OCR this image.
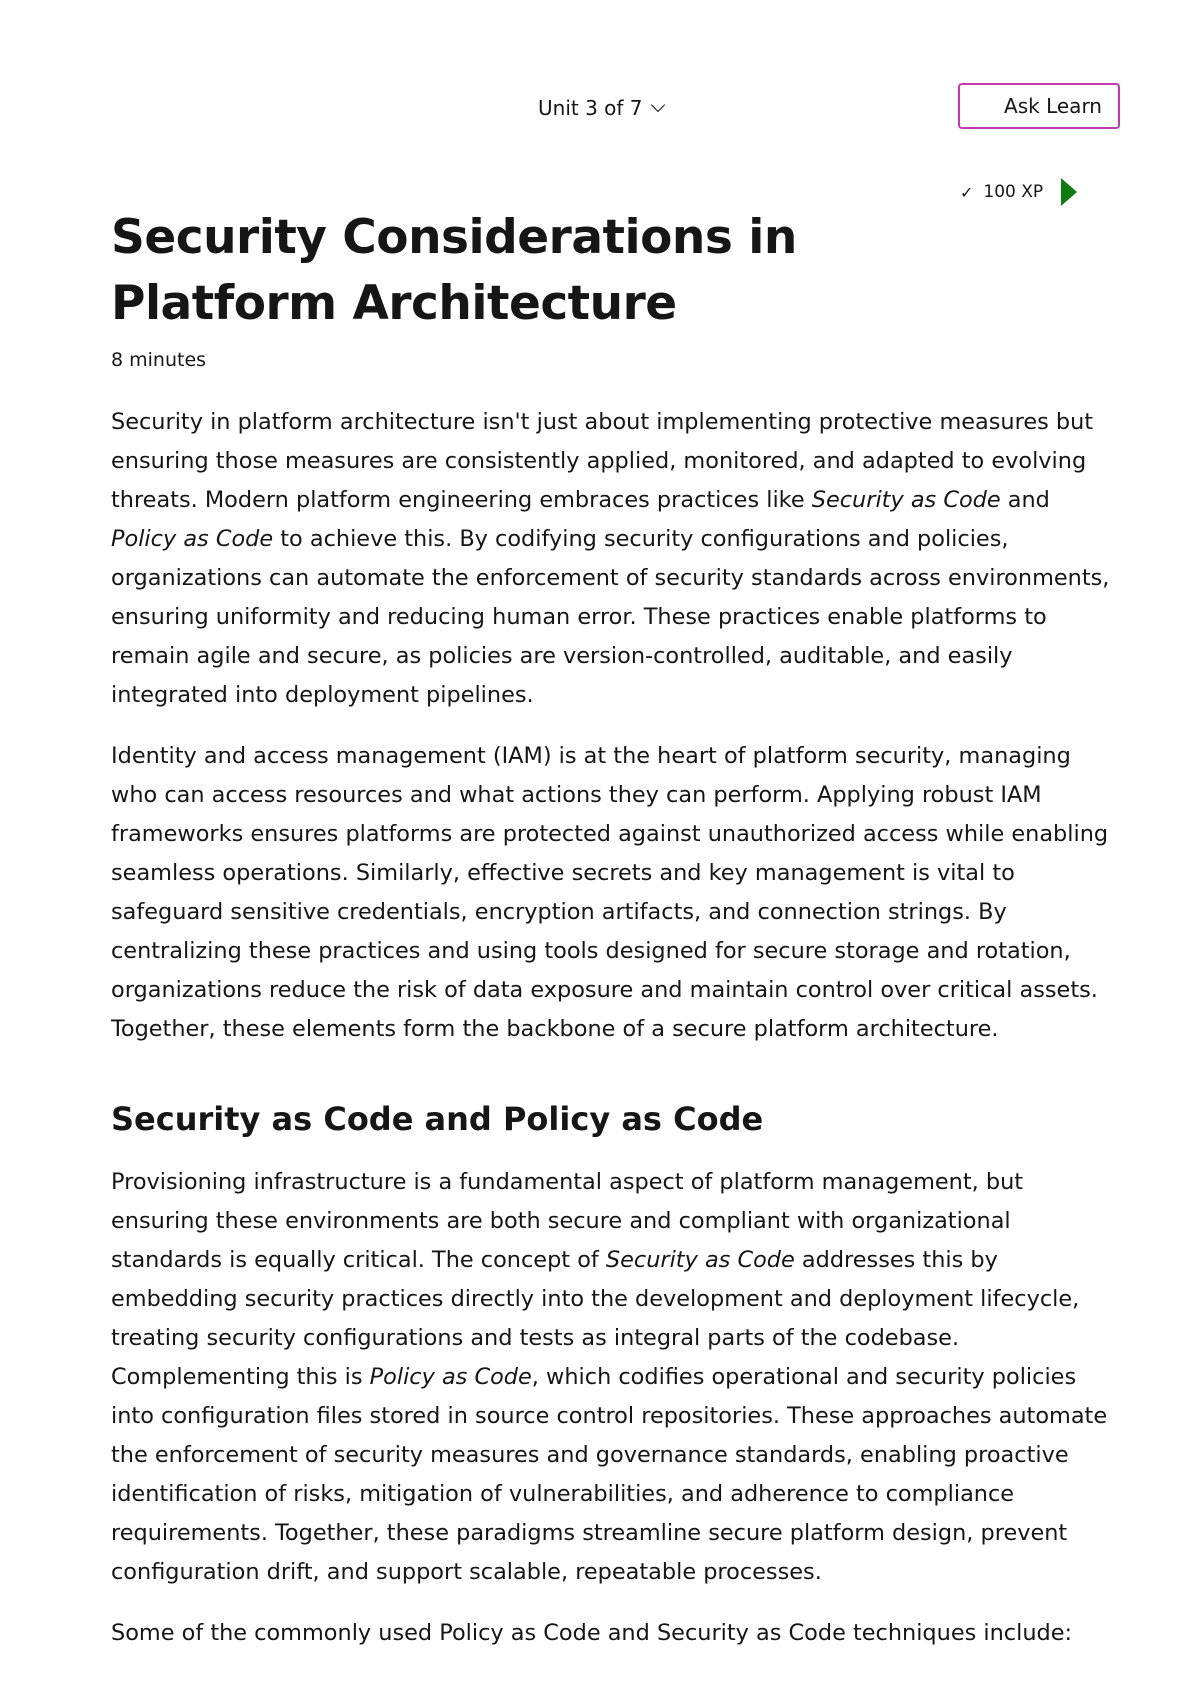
Unit 3 of 7	Ask Learn
✓ 100 XP
Security Considerations in Platform Architecture
8 minutes

Security in platform architecture isn't just about implementing protective measures but ensuring those measures are consistently applied, monitored, and adapted to evolving threats. Modern platform engineering embraces practices like Security as Code and Policy as Code to achieve this. By codifying security configurations and policies, organizations can automate the enforcement of security standards across environments, ensuring uniformity and reducing human error. These practices enable platforms to remain agile and secure, as policies are version-controlled, auditable, and easily integrated into deployment pipelines.

Identity and access management (IAM) is at the heart of platform security, managing who can access resources and what actions they can perform. Applying robust IAM frameworks ensures platforms are protected against unauthorized access while enabling seamless operations. Similarly, effective secrets and key management is vital to safeguard sensitive credentials, encryption artifacts, and connection strings. By centralizing these practices and using tools designed for secure storage and rotation, organizations reduce the risk of data exposure and maintain control over critical assets. Together, these elements form the backbone of a secure platform architecture.

Security as Code and Policy as Code

Provisioning infrastructure is a fundamental aspect of platform management, but ensuring these environments are both secure and compliant with organizational standards is equally critical. The concept of Security as Code addresses this by embedding security practices directly into the development and deployment lifecycle, treating security configurations and tests as integral parts of the codebase. Complementing this is Policy as Code, which codifies operational and security policies into configuration files stored in source control repositories. These approaches automate the enforcement of security measures and governance standards, enabling proactive identification of risks, mitigation of vulnerabilities, and adherence to compliance requirements. Together, these paradigms streamline secure platform design, prevent configuration drift, and support scalable, repeatable processes.

Some of the commonly used Policy as Code and Security as Code techniques include:
